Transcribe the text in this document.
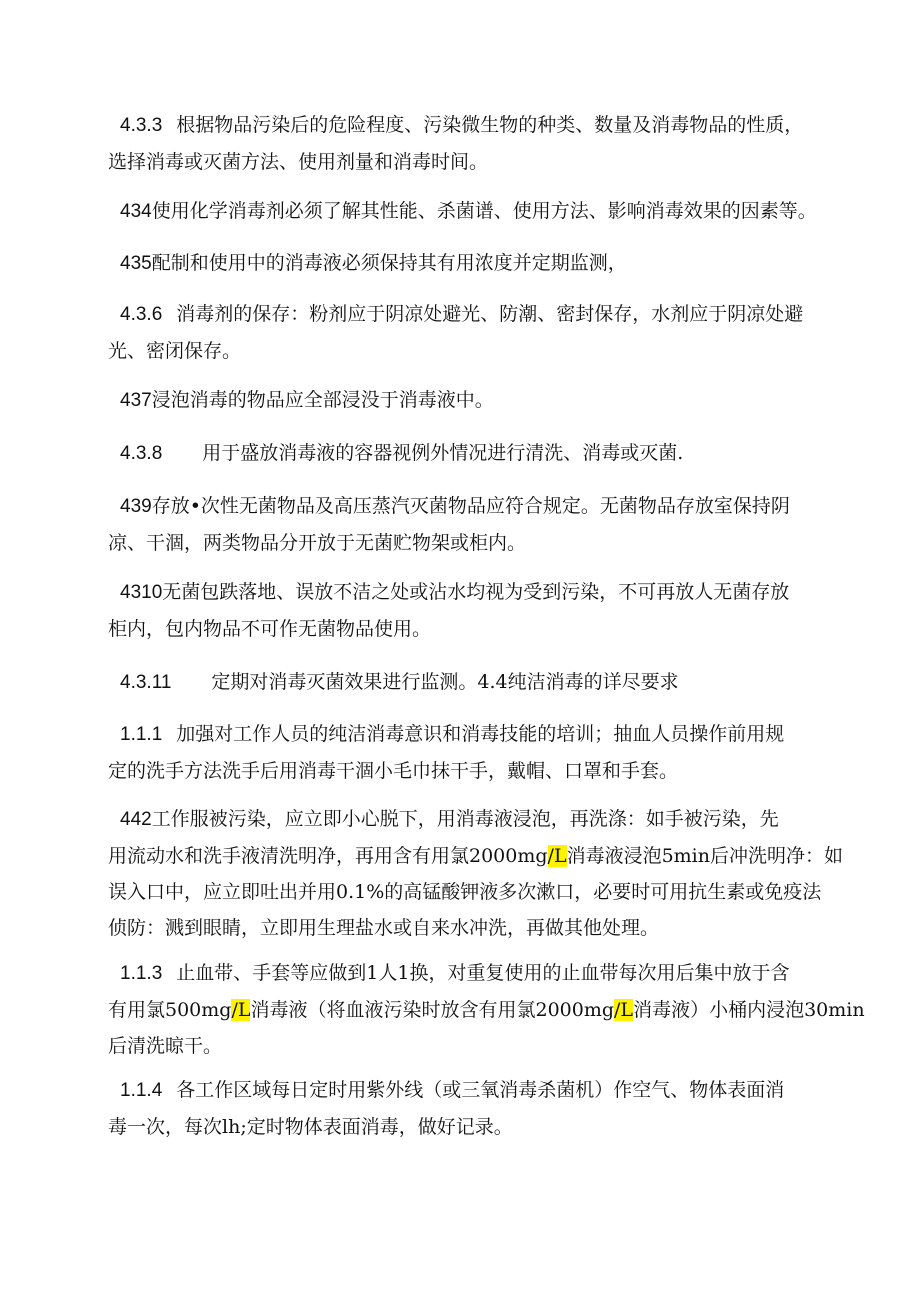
4.3.3 根据物品污染后的危险程度、污染微生物的种类、数量及消毒物品的性质，
选择消毒或灭菌方法、使用剂量和消毒时间。

434使用化学消毒剂必须了解其性能、杀菌谱、使用方法、影响消毒效果的因素等。

435配制和使用中的消毒液必须保持其有用浓度并定期监测，

4.3.6 消毒剂的保存：粉剂应于阴凉处避光、防潮、密封保存，水剂应于阴凉处避
光、密闭保存。

437浸泡消毒的物品应全部浸没于消毒液中。

4.3.8 用于盛放消毒液的容器视例外情况进行清洗、消毒或灭菌.

439存放•次性无菌物品及高压蒸汽灭菌物品应符合规定。无菌物品存放室保持阴
凉、干涸，两类物品分开放于无菌贮物架或柜内。

4310无菌包跌落地、误放不洁之处或沾水均视为受到污染，不可再放人无菌存放
柜内，包内物品不可作无菌物品使用。

4.3.11 定期对消毒灭菌效果进行监测。4.4纯洁消毒的详尽要求

1.1.1 加强对工作人员的纯洁消毒意识和消毒技能的培训；抽血人员操作前用规
定的洗手方法洗手后用消毒干涸小毛巾抹干手，戴帽、口罩和手套。

442工作服被污染，应立即小心脱下，用消毒液浸泡，再洗涤：如手被污染，先
用流动水和洗手液清洗明净，再用含有用氯2000mg/L消毒液浸泡5min后冲洗明净：如
误入口中，应立即吐出并用0.1%的高锰酸钾液多次漱口，必要时可用抗生素或免疫法
侦防：溅到眼睛，立即用生理盐水或自来水冲洗，再做其他处理。

1.1.3 止血带、手套等应做到1人1换，对重复使用的止血带每次用后集中放于含
有用氯500mg/L消毒液（将血液污染时放含有用氯2000mg/L消毒液）小桶内浸泡30min
后清洗晾干。

1.1.4 各工作区域每日定时用紫外线（或三氧消毒杀菌机）作空气、物体表面消
毒一次，每次lh;定时物体表面消毒，做好记录。
